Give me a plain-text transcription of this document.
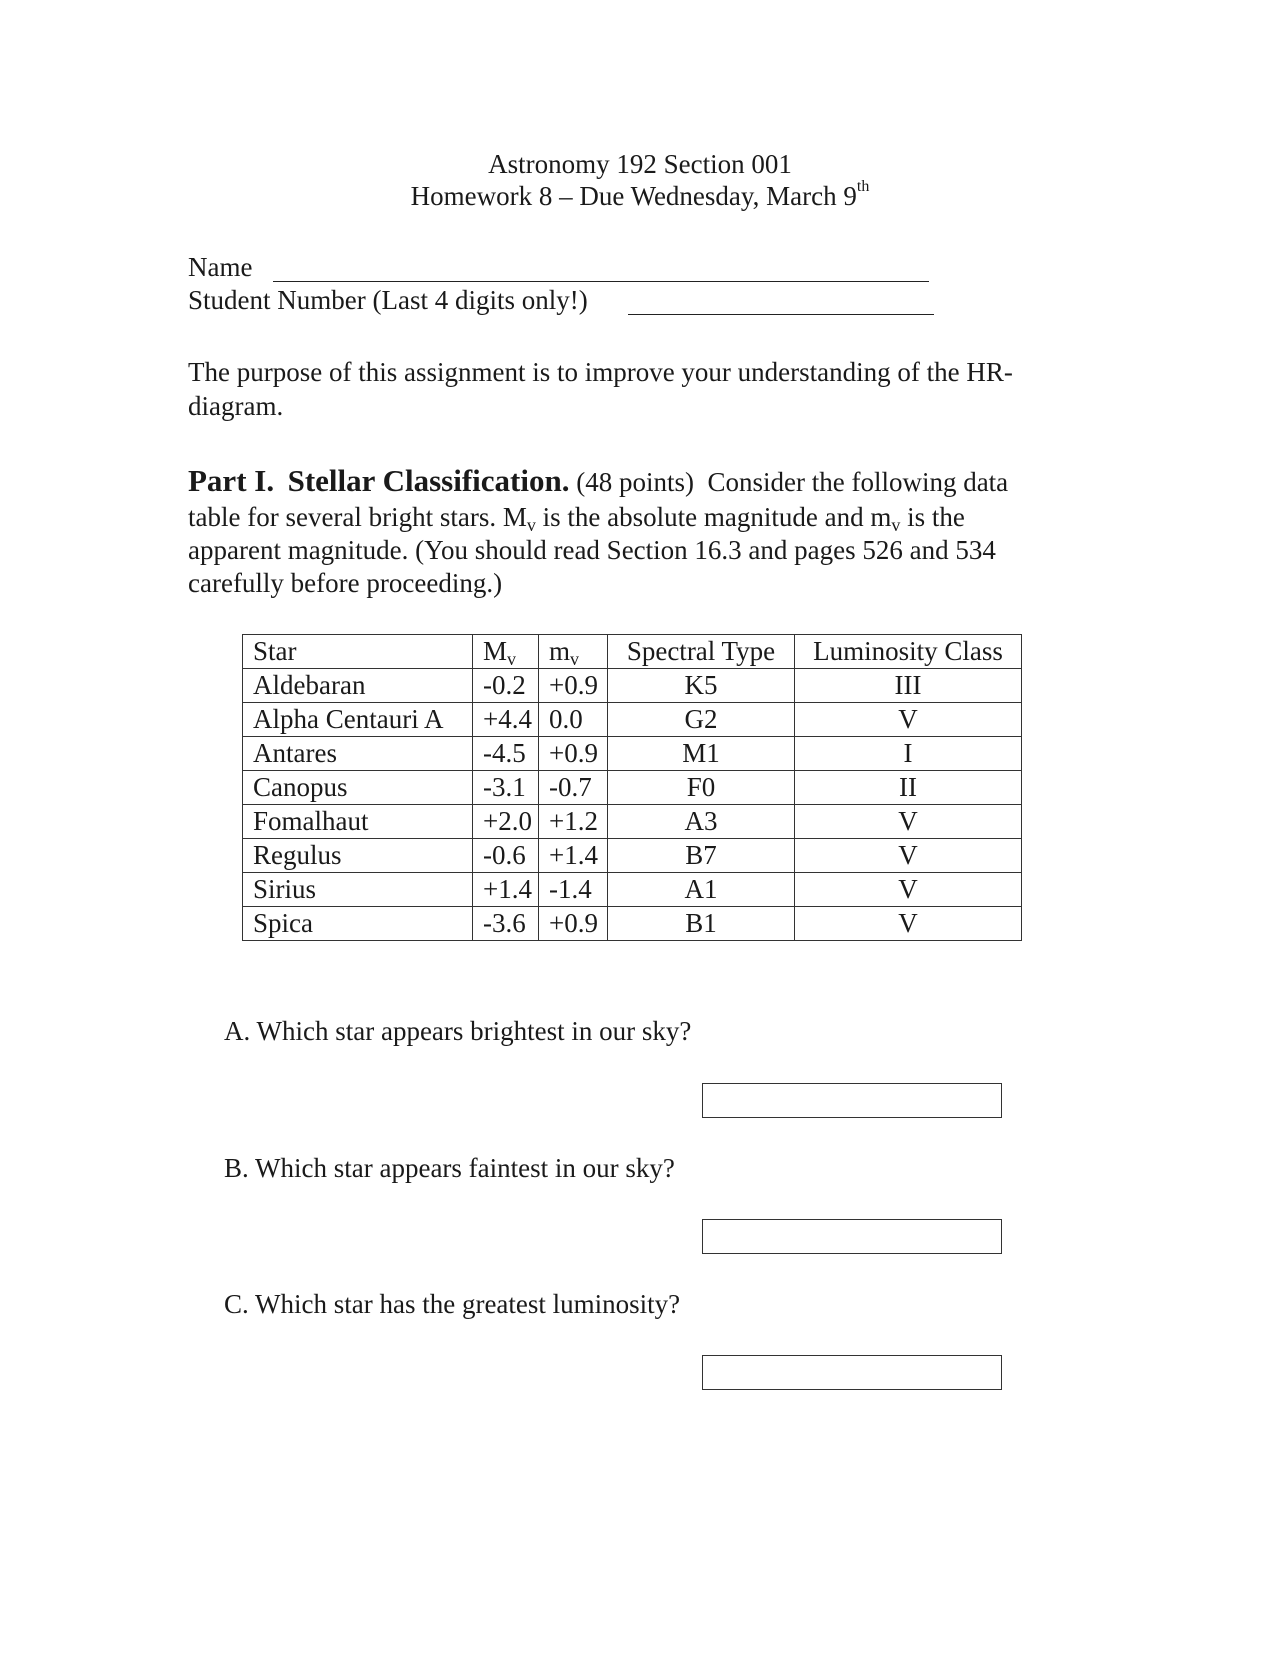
Astronomy 192 Section 001
Homework 8 – Due Wednesday, March 9th
Name
Student Number (Last 4 digits only!)
The purpose of this assignment is to improve your understanding of the HR-
diagram.
Part I. Stellar Classification. (48 points) Consider the following data
table for several bright stars. $M_v$ is the absolute magnitude and $m_v$ is the
apparent magnitude. (You should read Section 16.3 and pages 526 and 534
carefully before proceeding.)
Star	$M_v$	$m_v$	Spectral Type	Luminosity Class
Aldebaran	-0.2	+0.9	K5	III
Alpha Centauri A	+4.4	0.0	G2	V
Antares	-4.5	+0.9	M1	I
Canopus	-3.1	-0.7	F0	II
Fomalhaut	+2.0	+1.2	A3	V
Regulus	-0.6	+1.4	B7	V
Sirius	+1.4	-1.4	A1	V
Spica	-3.6	+0.9	B1	V
A. Which star appears brightest in our sky?
B. Which star appears faintest in our sky?
C. Which star has the greatest luminosity?
